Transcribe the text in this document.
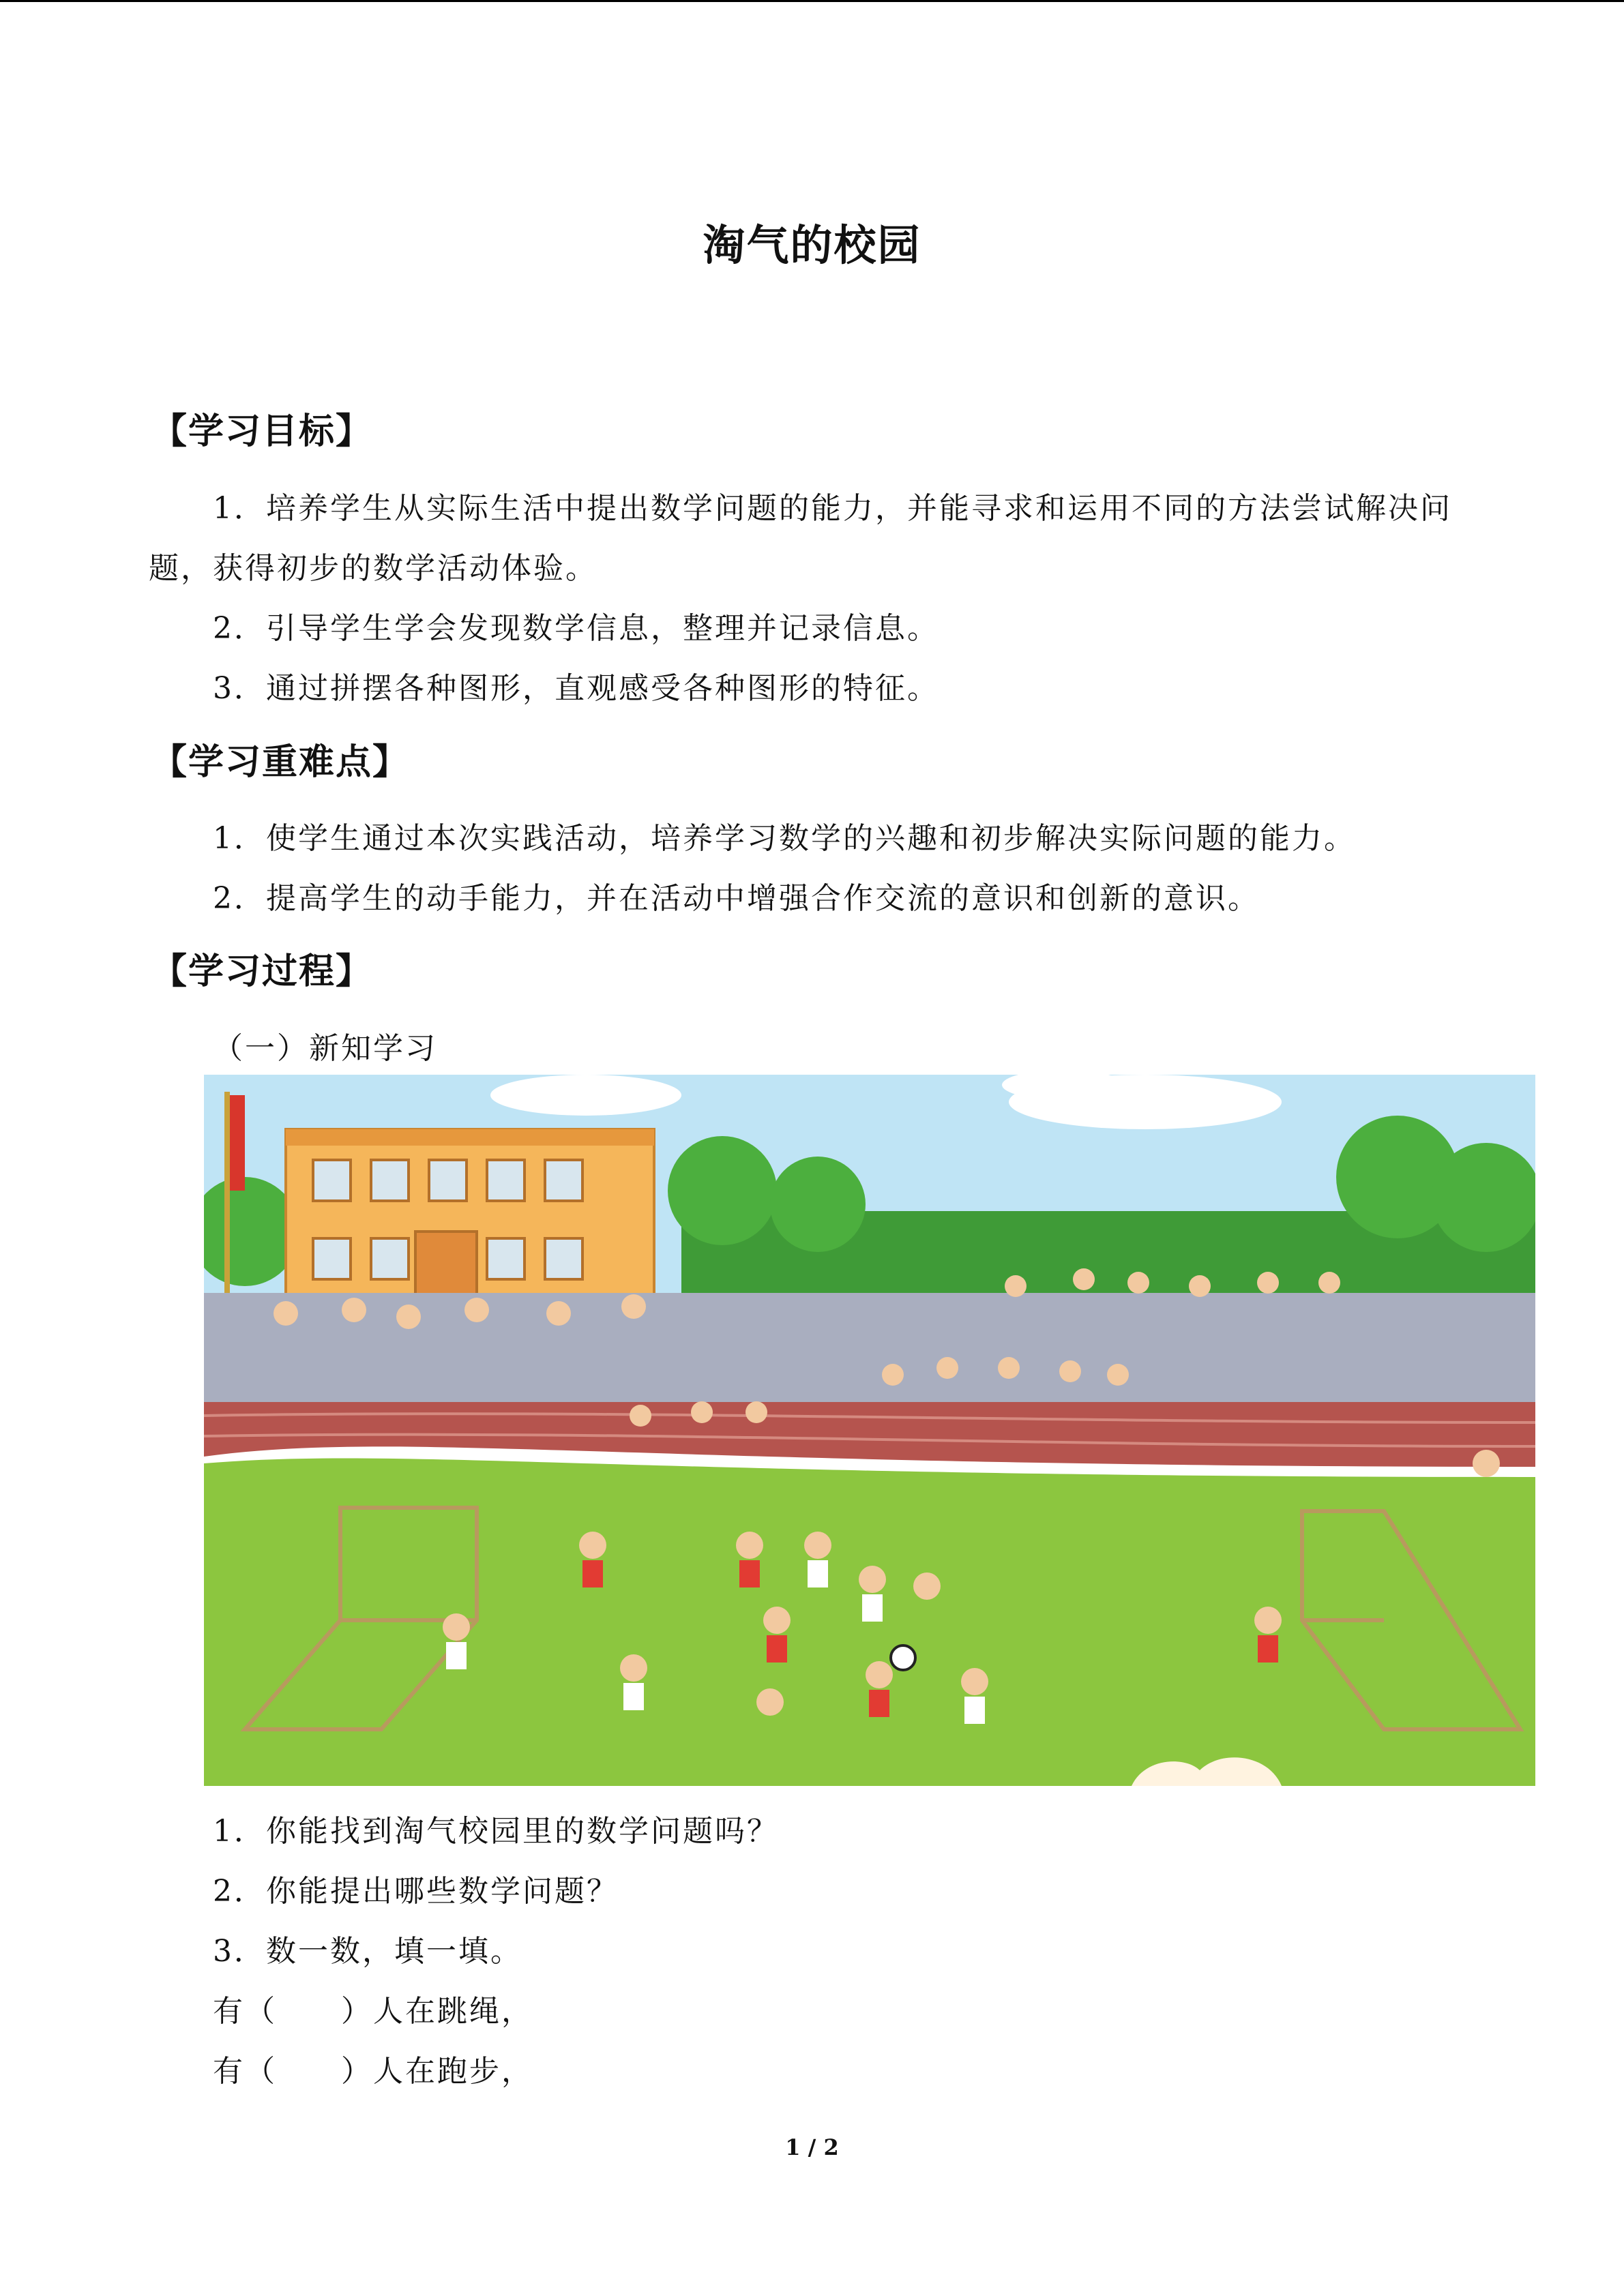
淘气的校园
【学习目标】
1．培养学生从实际生活中提出数学问题的能力，并能寻求和运用不同的方法尝试解决问
题，获得初步的数学活动体验。
2．引导学生学会发现数学信息，整理并记录信息。
3．通过拼摆各种图形，直观感受各种图形的特征。
【学习重难点】
1．使学生通过本次实践活动，培养学习数学的兴趣和初步解决实际问题的能力。
2．提高学生的动手能力，并在活动中增强合作交流的意识和创新的意识。
【学习过程】
（一）新知学习
1．你能找到淘气校园里的数学问题吗？
2．你能提出哪些数学问题？
3．数一数，填一填。
有（　　）人在跳绳，
有（　　）人在跑步，
1 / 2
